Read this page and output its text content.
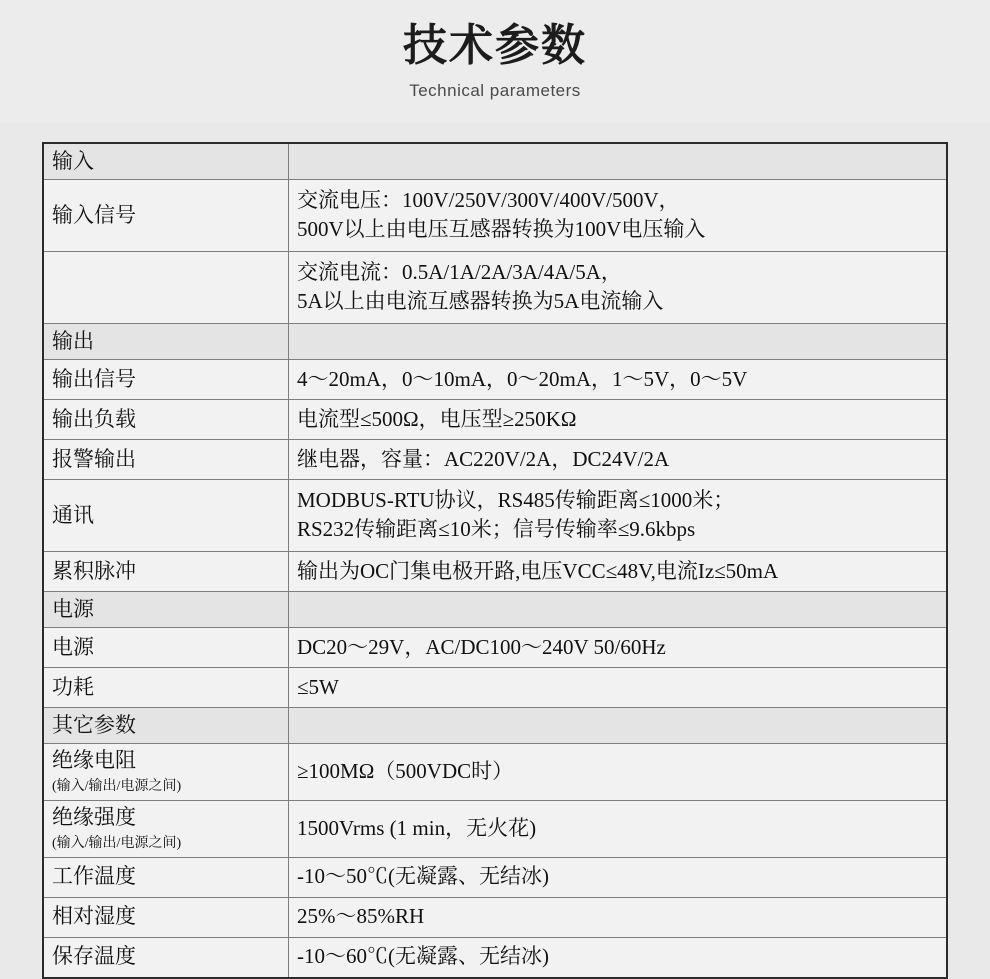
技术参数
Technical parameters
输入	
输入信号	交流电压：100V/250V/300V/400V/500V，
500V以上由电压互感器转换为100V电压输入

	交流电流：0.5A/1A/2A/3A/4A/5A，
5A以上由电流互感器转换为5A电流输入

输出	
输出信号	4～20mA，0～10mA，0～20mA，1～5V，0～5V

输出负载	电流型≤500Ω，电压型≥250KΩ

报警输出	继电器，容量：AC220V/2A，DC24V/2A

通讯	MODBUS-RTU协议，RS485传输距离≤1000米；
RS232传输距离≤10米；信号传输率≤9.6kbps

累积脉冲	输出为OC门集电极开路,电压VCC≤48V,电流Iz≤50mA

电源	
电源	DC20～29V，AC/DC100～240V 50/60Hz

功耗	≤5W

其它参数	
绝缘电阻
(输入/输出/电源之间)	≥100MΩ（500VDC时）

绝缘强度
(输入/输出/电源之间)	1500Vrms (1 min，无火花)

工作温度	-10～50℃(无凝露、无结冰)

相对湿度	25%～85%RH

保存温度	-10～60℃(无凝露、无结冰)
